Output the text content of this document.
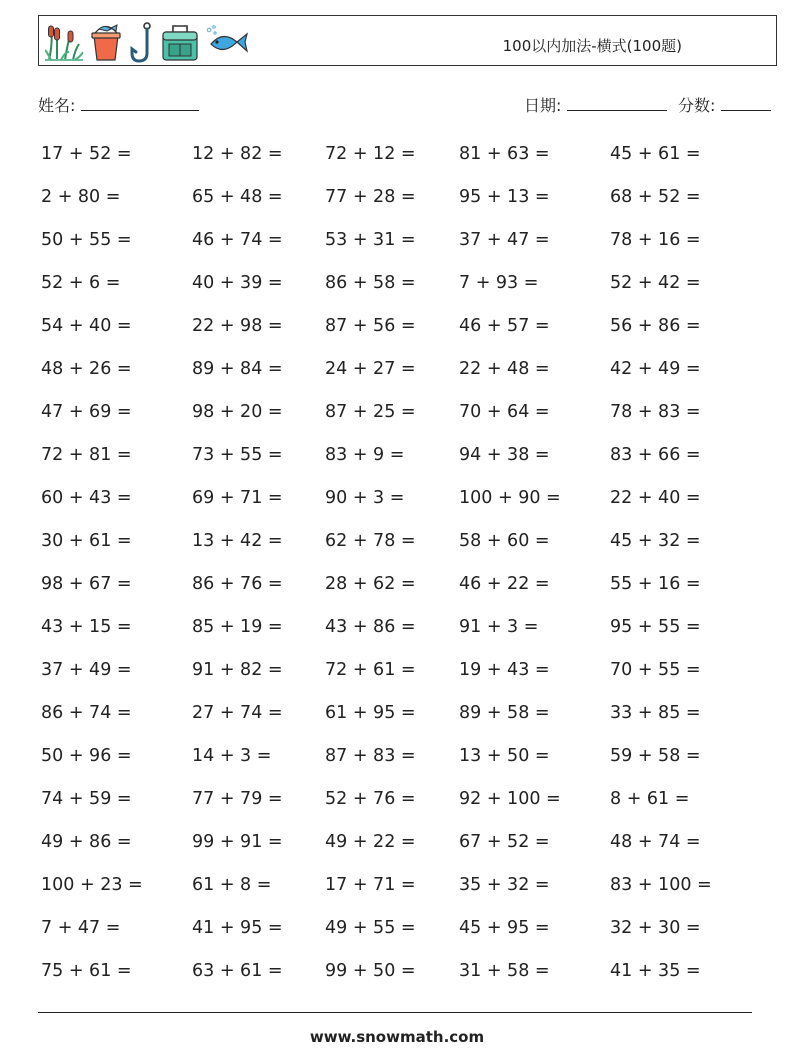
100以内加法-横式(100题)
姓名:	日期:	分数:
17 + 52 =	12 + 82 = 72 + 12 = 81 + 63 =	45 + 61 =
2 + 80 =	65 + 48 = 77 + 28 = 95 + 13 =	68 + 52 =
50 + 55 =	46 + 74 = 53 + 31 = 37 + 47 =	78 + 16 =
52 + 6 =	40 + 39 = 86 + 58 = 7 + 93 =	52 + 42 =
54 + 40 =	22 + 98 = 87 + 56 = 46 + 57 =	56 + 86 =
48 + 26 =	89 + 84 = 24 + 27 = 22 + 48 =	42 + 49 =
47 + 69 =	98 + 20 = 87 + 25 = 70 + 64 =	78 + 83 =
72 + 81 =	73 + 55 = 83 + 9 =	94 + 38 =	83 + 66 =
60 + 43 =	69 + 71 = 90 + 3 =	100 + 90 =	22 + 40 =
30 + 61 =	13 + 42 = 62 + 78 = 58 + 60 =	45 + 32 =
98 + 67 =	86 + 76 = 28 + 62 = 46 + 22 =	55 + 16 =
43 + 15 =	85 + 19 = 43 + 86 = 91 + 3 =	95 + 55 =
37 + 49 =	91 + 82 = 72 + 61 = 19 + 43 =	70 + 55 =
86 + 74 =	27 + 74 = 61 + 95 = 89 + 58 =	33 + 85 =
50 + 96 =	14 + 3 =	87 + 83 = 13 + 50 =	59 + 58 =
74 + 59 =	77 + 79 = 52 + 76 = 92 + 100 =	8 + 61 =
49 + 86 =	99 + 91 = 49 + 22 = 67 + 52 =	48 + 74 =
100 + 23 =	61 + 8 =	17 + 71 = 35 + 32 =	83 + 100 =
7 + 47 =	41 + 95 = 49 + 55 = 45 + 95 =	32 + 30 =
75 + 61 =	63 + 61 = 99 + 50 = 31 + 58 =	41 + 35 =
www.snowmath.com
